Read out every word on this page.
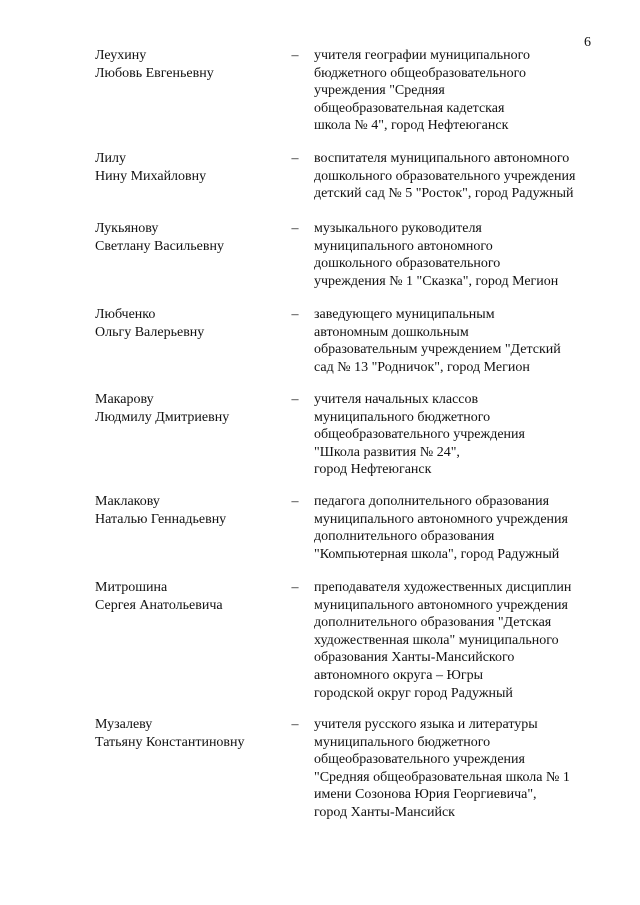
6
Леухину
Любовь Евгеньевну
– учителя географии муниципального
бюджетного общеобразовательного
учреждения "Средняя
общеобразовательная кадетская
школа № 4", город Нефтеюганск
Лилу
Нину Михайловну
– воспитателя муниципального автономного
дошкольного образовательного учреждения
детский сад № 5 "Росток", город Радужный
Лукьянову
Светлану Васильевну
– музыкального руководителя
муниципального автономного
дошкольного образовательного
учреждения № 1 "Сказка", город Мегион
Любченко
Ольгу Валерьевну
– заведующего муниципальным
автономным дошкольным
образовательным учреждением "Детский
сад № 13 "Родничок", город Мегион
Макарову
Людмилу Дмитриевну
– учителя начальных классов
муниципального бюджетного
общеобразовательного учреждения
"Школа развития № 24",
город Нефтеюганск
Маклакову
Наталью Геннадьевну
– педагога дополнительного образования
муниципального автономного учреждения
дополнительного образования
"Компьютерная школа", город Радужный
Митрошина
Сергея Анатольевича
– преподавателя художественных дисциплин
муниципального автономного учреждения
дополнительного образования "Детская
художественная школа" муниципального
образования Ханты-Мансийского
автономного округа – Югры
городской округ город Радужный
Музалеву
Татьяну Константиновну
– учителя русского языка и литературы
муниципального бюджетного
общеобразовательного учреждения
"Средняя общеобразовательная школа № 1
имени Созонова Юрия Георгиевича",
город Ханты-Мансийск
